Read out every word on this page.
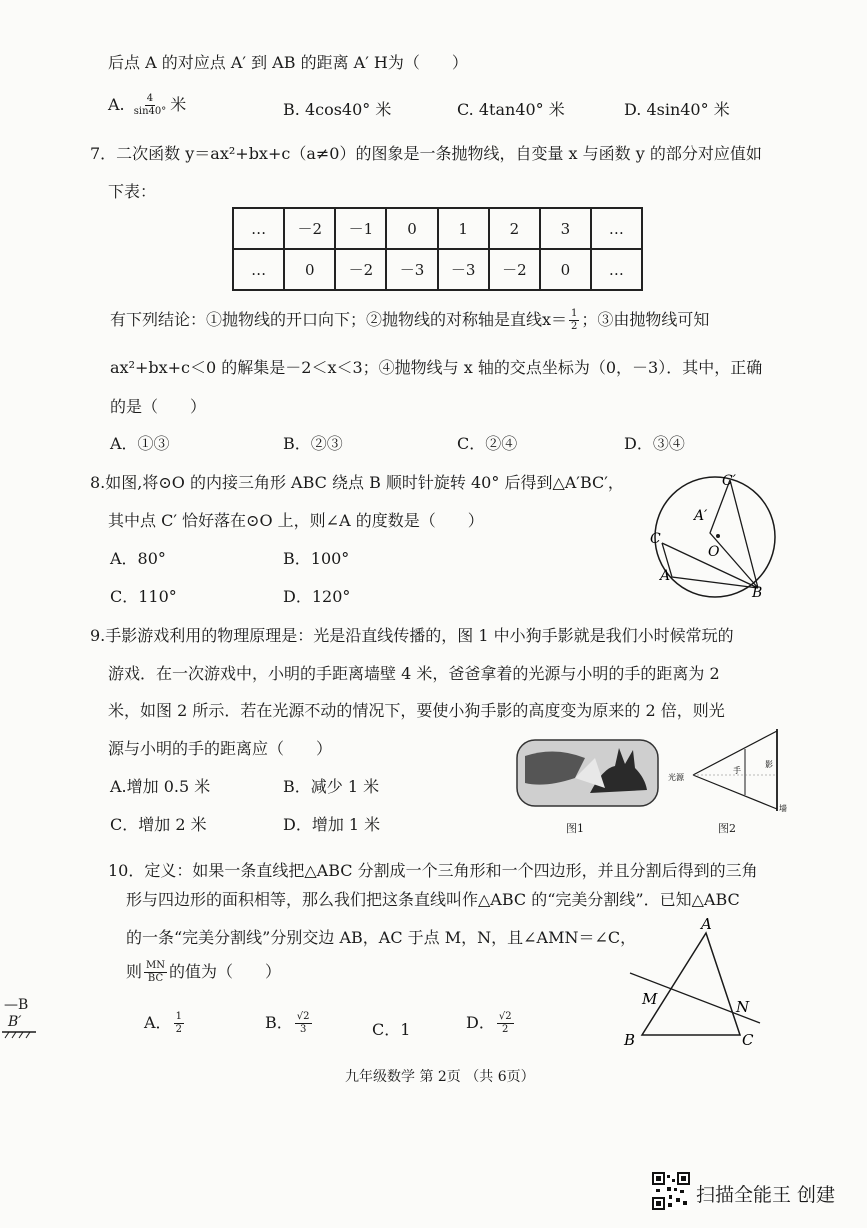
后点 A 的对应点 A′ 到 AB 的距离 A′ H为（　　）
A. $\frac{4}{\sin 40^\circ}$ 米	B. 4cos40° 米	C. 4tan40° 米	D. 4sin40° 米
7．二次函数 y＝ax²+bx+c（a≠0）的图象是一条抛物线，自变量 x 与函数 y 的部分对应值如
下表：
…	－2	－1	0	1	2	3	…
…	0	－2	－3	－3	－2	0	…
有下列结论：①抛物线的开口向下；②抛物线的对称轴是直线$x= \frac{1}{2}$ ；③由抛物线可知
ax²+bx+c＜0 的解集是－2＜x＜3；④抛物线与 x 轴的交点坐标为（0，－3）．其中，正确
的是（　　）
A．①③	B．②③	C．②④	D．③④
8.如图,将⊙O 的内接三角形 ABC 绕点 B 顺时针旋转 40° 后得到△A′BC′，
其中点 C′ 恰好落在⊙O 上，则∠A 的度数是（　　）
A．80°	B．100°
C．110°	D．120°
C′
A′
C
O
A
B
9.手影游戏利用的物理原理是：光是沿直线传播的，图 1 中小狗手影就是我们小时候常玩的
游戏．在一次游戏中，小明的手距离墙壁 4 米，爸爸拿着的光源与小明的手的距离为 2
米，如图 2 所示．若在光源不动的情况下，要使小狗手影的高度变为原来的 2 倍，则光
源与小明的手的距离应（　　）
A.增加 0.5 米	B．减少 1 米
C．增加 2 米	D．增加 1 米	图1
光源
手
影
墙
图2
10．定义：如果一条直线把△ABC 分割成一个三角形和一个四边形，并且分割后得到的三角
形与四边形的面积相等，那么我们把这条直线叫作△ABC 的“完美分割线”．已知△ABC
的一条“完美分割线”分别交边 AB，AC 于点 M，N，且∠AMN＝∠C，
则 $\frac{MN}{BC}$ 的值为（　　）
A． $\frac{1}{2}$	B． $\frac{√2}{3}$	C．1	D． $\frac{√2}{2}$
A
M	N
B	C
—B
B′
九年级数学 第 2页 （共 6页）
扫描全能王 创建
